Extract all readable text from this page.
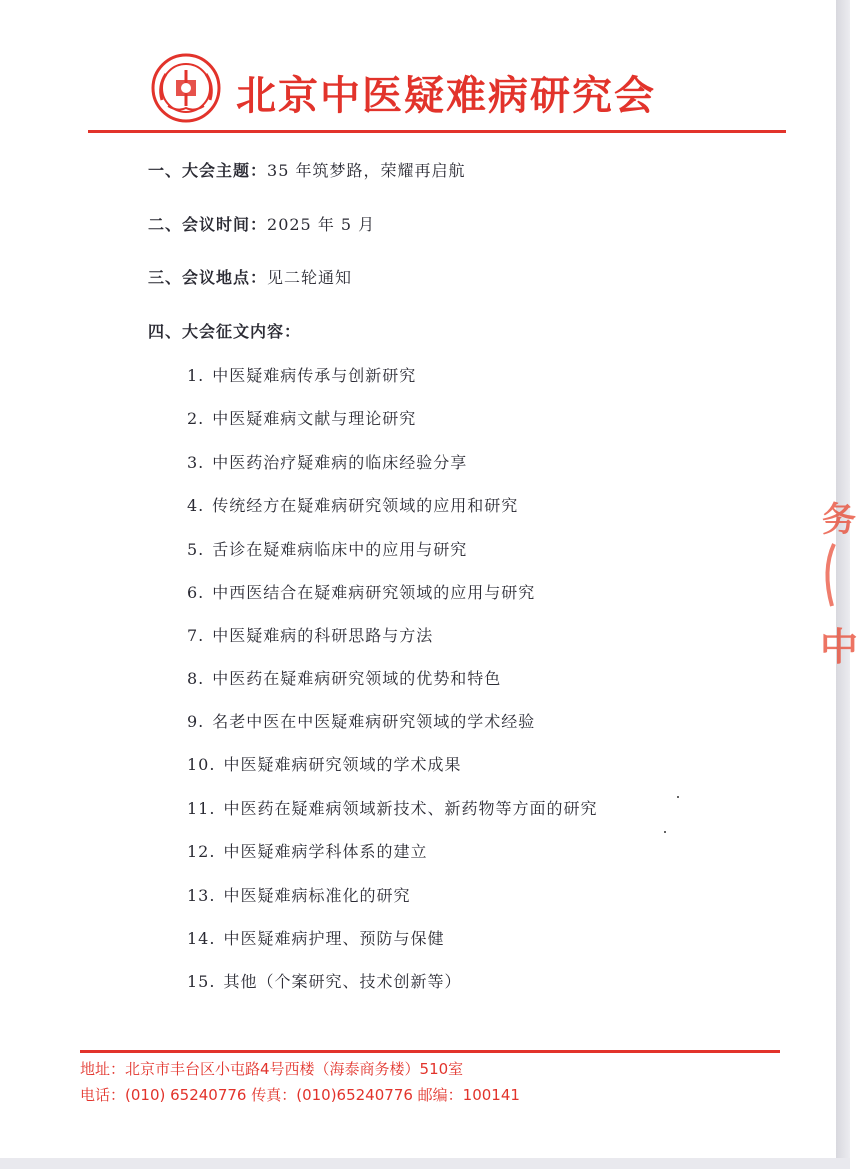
北京中医疑难病研究会
一、大会主题：35 年筑梦路，荣耀再启航
二、会议时间：2025 年 5 月
三、会议地点：见二轮通知
四、大会征文内容：
1. 中医疑难病传承与创新研究
2. 中医疑难病文献与理论研究
3. 中医药治疗疑难病的临床经验分享
4. 传统经方在疑难病研究领域的应用和研究
5. 舌诊在疑难病临床中的应用与研究
6. 中西医结合在疑难病研究领域的应用与研究
7. 中医疑难病的科研思路与方法
8. 中医药在疑难病研究领域的优势和特色
9. 名老中医在中医疑难病研究领域的学术经验
10. 中医疑难病研究领域的学术成果
11. 中医药在疑难病领域新技术、新药物等方面的研究
12. 中医疑难病学科体系的建立
13. 中医疑难病标准化的研究
14. 中医疑难病护理、预防与保健
15. 其他（个案研究、技术创新等）
务
中
地址：北京市丰台区小屯路4号西楼（海泰商务楼）510室
电话：(010) 65240776 传真：(010)65240776 邮编：100141
